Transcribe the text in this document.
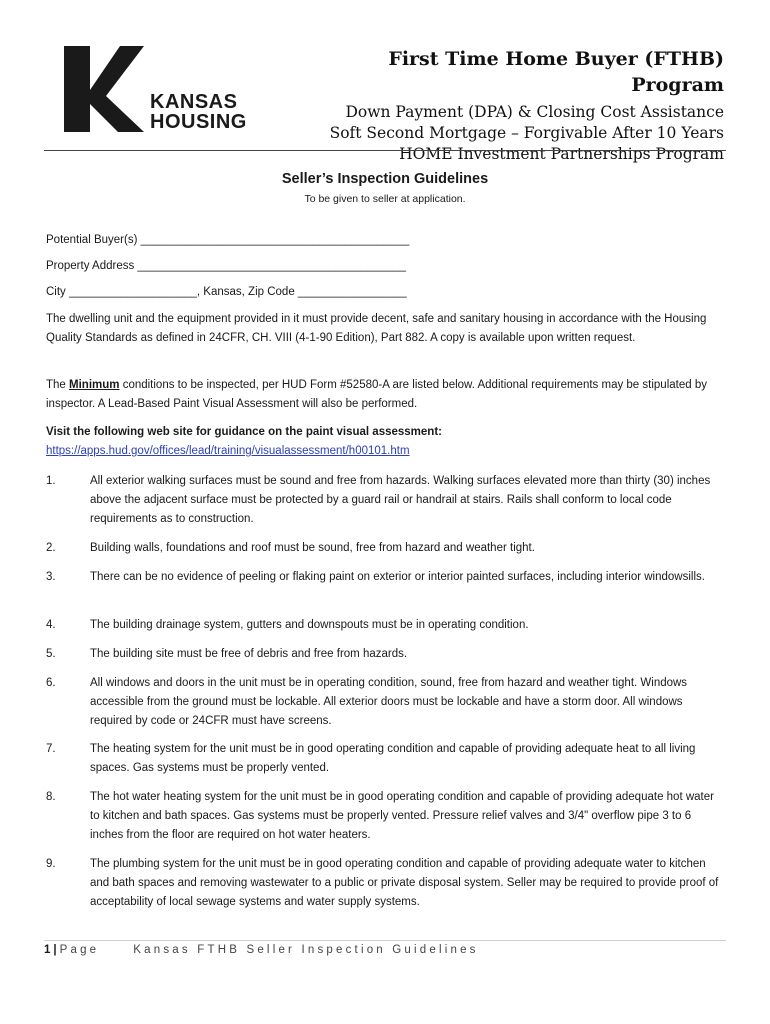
KANSAS
HOUSING
First Time Home Buyer (FTHB) Program
Down Payment (DPA) & Closing Cost Assistance
Soft Second Mortgage – Forgivable After 10 Years
HOME Investment Partnerships Program
Seller’s Inspection Guidelines
To be given to seller at application.
Potential Buyer(s) __________________________________________
Property Address __________________________________________
City ____________________, Kansas, Zip Code _________________
The dwelling unit and the equipment provided in it must provide decent, safe and sanitary housing in accordance with the Housing Quality Standards as defined in 24CFR, CH. VIII (4-1-90 Edition), Part 882. A copy is available upon written request.
The Minimum conditions to be inspected, per HUD Form #52580-A are listed below. Additional requirements may be stipulated by inspector. A Lead-Based Paint Visual Assessment will also be performed.
Visit the following web site for guidance on the paint visual assessment:
https://apps.hud.gov/offices/lead/training/visualassessment/h00101.htm
1.	All exterior walking surfaces must be sound and free from hazards. Walking surfaces elevated more than thirty (30) inches above the adjacent surface must be protected by a guard rail or handrail at stairs. Rails shall conform to local code requirements as to construction.
2.	Building walls, foundations and roof must be sound, free from hazard and weather tight.
3.	There can be no evidence of peeling or flaking paint on exterior or interior painted surfaces, including interior windowsills.
4.	The building drainage system, gutters and downspouts must be in operating condition.
5.	The building site must be free of debris and free from hazards.
6.	All windows and doors in the unit must be in operating condition, sound, free from hazard and weather tight. Windows accessible from the ground must be lockable. All exterior doors must be lockable and have a storm door. All windows required by code or 24CFR must have screens.
7.	The heating system for the unit must be in good operating condition and capable of providing adequate heat to all living spaces. Gas systems must be properly vented.
8.	The hot water heating system for the unit must be in good operating condition and capable of providing adequate hot water to kitchen and bath spaces. Gas systems must be properly vented. Pressure relief valves and 3/4" overflow pipe 3 to 6 inches from the floor are required on hot water heaters.
9.	The plumbing system for the unit must be in good operating condition and capable of providing adequate water to kitchen and bath spaces and removing wastewater to a public or private disposal system. Seller may be required to provide proof of acceptability of local sewage systems and water supply systems.
1 | Page	Kansas FTHB Seller Inspection Guidelines
